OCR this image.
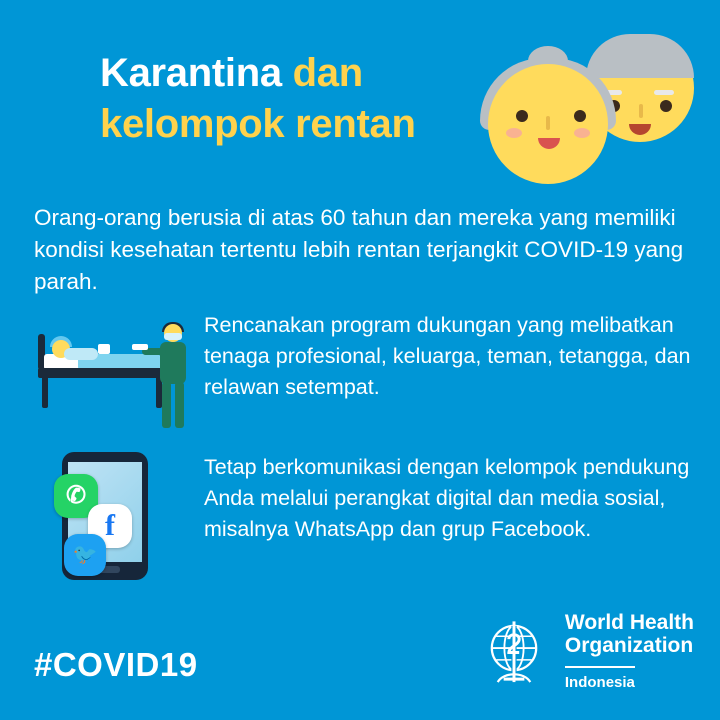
Karantina dan
kelompok rentan
Orang-orang berusia di atas 60 tahun dan mereka yang memiliki kondisi kesehatan tertentu lebih rentan terjangkit COVID-19 yang parah.
Rencanakan program dukungan yang melibatkan tenaga profesional, keluarga, teman, tetangga, dan relawan setempat.
✆
f
🐦
Tetap berkomunikasi dengan kelompok pendukung Anda melalui perangkat digital dan media sosial, misalnya WhatsApp dan grup Facebook.
#COVID19
World Health
Organization
Indonesia
